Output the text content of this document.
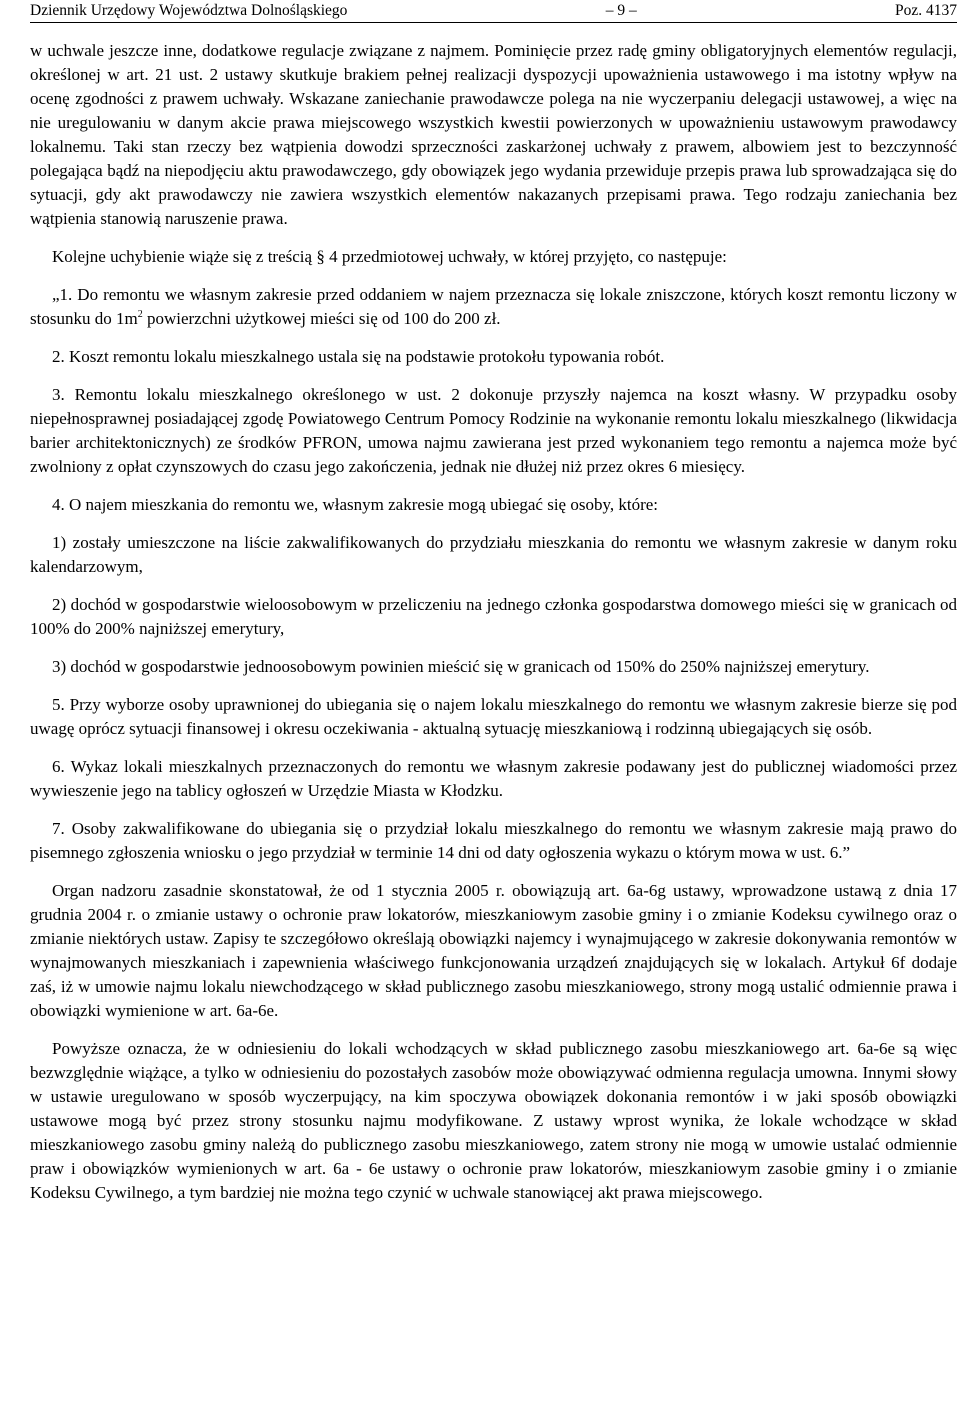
Dziennik Urzędowy Województwa Dolnośląskiego	– 9 –	Poz. 4137

w uchwale jeszcze inne, dodatkowe regulacje związane z najmem. Pominięcie przez radę gminy obligatoryjnych elementów regulacji, określonej w art. 21 ust. 2 ustawy skutkuje brakiem pełnej realizacji dyspozycji upoważnienia ustawowego i ma istotny wpływ na ocenę zgodności z prawem uchwały. Wskazane zaniechanie prawodawcze polega na nie wyczerpaniu delegacji ustawowej, a więc na nie uregulowaniu w danym akcie prawa miejscowego wszystkich kwestii powierzonych w upoważnieniu ustawowym prawodawcy lokalnemu. Taki stan rzeczy bez wątpienia dowodzi sprzeczności zaskarżonej uchwały z prawem, albowiem jest to bezczynność polegająca bądź na niepodjęciu aktu prawodawczego, gdy obowiązek jego wydania przewiduje przepis prawa lub sprowadzająca się do sytuacji, gdy akt prawodawczy nie zawiera wszystkich elementów nakazanych przepisami prawa. Tego rodzaju zaniechania bez wątpienia stanowią naruszenie prawa.

Kolejne uchybienie wiąże się z treścią § 4 przedmiotowej uchwały, w której przyjęto, co następuje:

„1. Do remontu we własnym zakresie przed oddaniem w najem przeznacza się lokale zniszczone, których koszt remontu liczony w stosunku do $1m^2$ powierzchni użytkowej mieści się od 100 do 200 zł.

2. Koszt remontu lokalu mieszkalnego ustala się na podstawie protokołu typowania robót.

3. Remontu lokalu mieszkalnego określonego w ust. 2 dokonuje przyszły najemca na koszt własny. W przypadku osoby niepełnosprawnej posiadającej zgodę Powiatowego Centrum Pomocy Rodzinie na wykonanie remontu lokalu mieszkalnego (likwidacja barier architektonicznych) ze środków PFRON, umowa najmu zawierana jest przed wykonaniem tego remontu a najemca może być zwolniony z opłat czynszowych do czasu jego zakończenia, jednak nie dłużej niż przez okres 6 miesięcy.

4. O najem mieszkania do remontu we, własnym zakresie mogą ubiegać się osoby, które:

1) zostały umieszczone na liście zakwalifikowanych do przydziału mieszkania do remontu we własnym zakresie w danym roku kalendarzowym,

2) dochód w gospodarstwie wieloosobowym w przeliczeniu na jednego członka gospodarstwa domowego mieści się w granicach od 100% do 200% najniższej emerytury,

3) dochód w gospodarstwie jednoosobowym powinien mieścić się w granicach od 150% do 250% najniższej emerytury.

5. Przy wyborze osoby uprawnionej do ubiegania się o najem lokalu mieszkalnego do remontu we własnym zakresie bierze się pod uwagę oprócz sytuacji finansowej i okresu oczekiwania - aktualną sytuację mieszkaniową i rodzinną ubiegających się osób.

6. Wykaz lokali mieszkalnych przeznaczonych do remontu we własnym zakresie podawany jest do publicznej wiadomości przez wywieszenie jego na tablicy ogłoszeń w Urzędzie Miasta w Kłodzku.

7. Osoby zakwalifikowane do ubiegania się o przydział lokalu mieszkalnego do remontu we własnym zakresie mają prawo do pisemnego zgłoszenia wniosku o jego przydział w terminie 14 dni od daty ogłoszenia wykazu o którym mowa w ust. 6.”

Organ nadzoru zasadnie skonstatował, że od 1 stycznia 2005 r. obowiązują art. 6a-6g ustawy, wprowadzone ustawą z dnia 17 grudnia 2004 r. o zmianie ustawy o ochronie praw lokatorów, mieszkaniowym zasobie gminy i o zmianie Kodeksu cywilnego oraz o zmianie niektórych ustaw. Zapisy te szczegółowo określają obowiązki najemcy i wynajmującego w zakresie dokonywania remontów w wynajmowanych mieszkaniach i zapewnienia właściwego funkcjonowania urządzeń znajdujących się w lokalach. Artykuł 6f dodaje zaś, iż w umowie najmu lokalu niewchodzącego w skład publicznego zasobu mieszkaniowego, strony mogą ustalić odmiennie prawa i obowiązki wymienione w art. 6a-6e.

Powyższe oznacza, że w odniesieniu do lokali wchodzących w skład publicznego zasobu mieszkaniowego art. 6a-6e są więc bezwzględnie wiążące, a tylko w odniesieniu do pozostałych zasobów może obowiązywać odmienna regulacja umowna. Innymi słowy w ustawie uregulowano w sposób wyczerpujący, na kim spoczywa obowiązek dokonania remontów i w jaki sposób obowiązki ustawowe mogą być przez strony stosunku najmu modyfikowane. Z ustawy wprost wynika, że lokale wchodzące w skład mieszkaniowego zasobu gminy należą do publicznego zasobu mieszkaniowego, zatem strony nie mogą w umowie ustalać odmiennie praw i obowiązków wymienionych w art. 6a - 6e ustawy o ochronie praw lokatorów, mieszkaniowym zasobie gminy i o zmianie Kodeksu Cywilnego, a tym bardziej nie można tego czynić w uchwale stanowiącej akt prawa miejscowego.
